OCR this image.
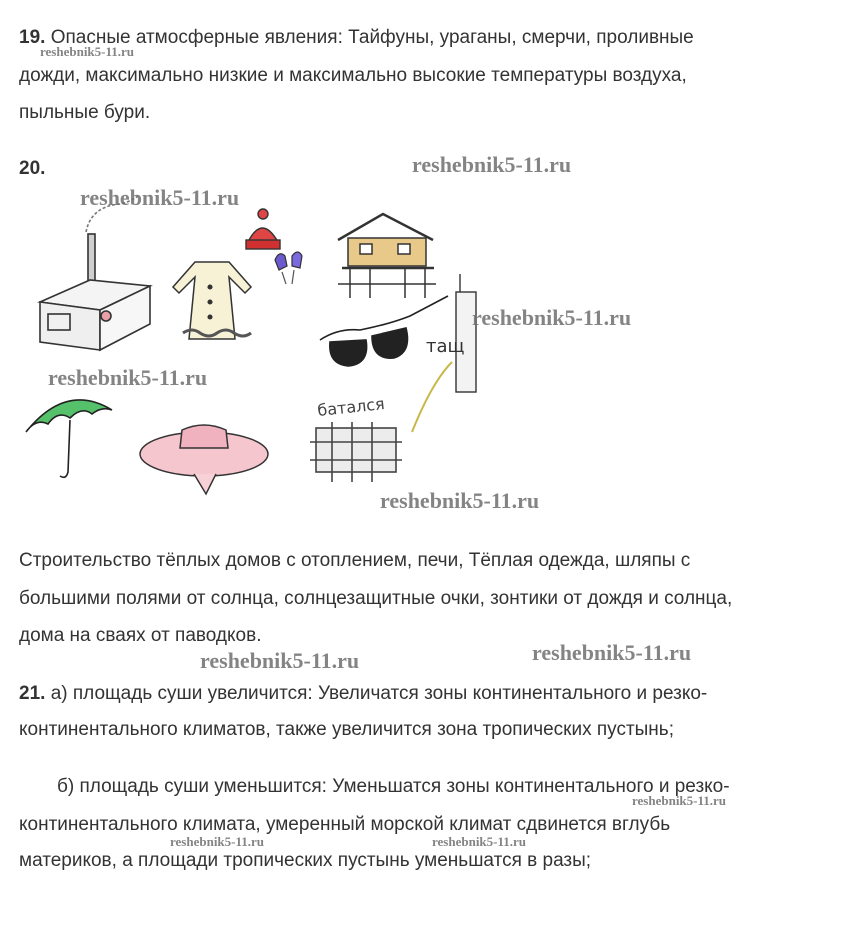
19. Опасные атмосферные явления: Тайфуны, ураганы, смерчи, проливные
дожди, максимально низкие и максимально высокие температуры воздуха,
пыльные бури.
20.
тащ
батался
Строительство тёплых домов с отоплением, печи, Тёплая одежда, шляпы с
большими полями от солнца, солнцезащитные очки, зонтики от дождя и солнца,
дома на сваях от паводков.
21. а) площадь суши увеличится: Увеличатся зоны континентального и резко-
континентального климатов, также увеличится зона тропических пустынь;
б) площадь суши уменьшится: Уменьшатся зоны континентального и резко-
континентального климата, умеренный морской климат сдвинется вглубь
материков, а площади тропических пустынь уменьшатся в разы;
reshebnik5-11.ru
reshebnik5-11.ru
reshebnik5-11.ru
reshebnik5-11.ru
reshebnik5-11.ru
reshebnik5-11.ru
reshebnik5-11.ru	reshebnik5-11.ru
reshebnik5-11.ru
reshebnik5-11.ru	reshebnik5-11.ru
